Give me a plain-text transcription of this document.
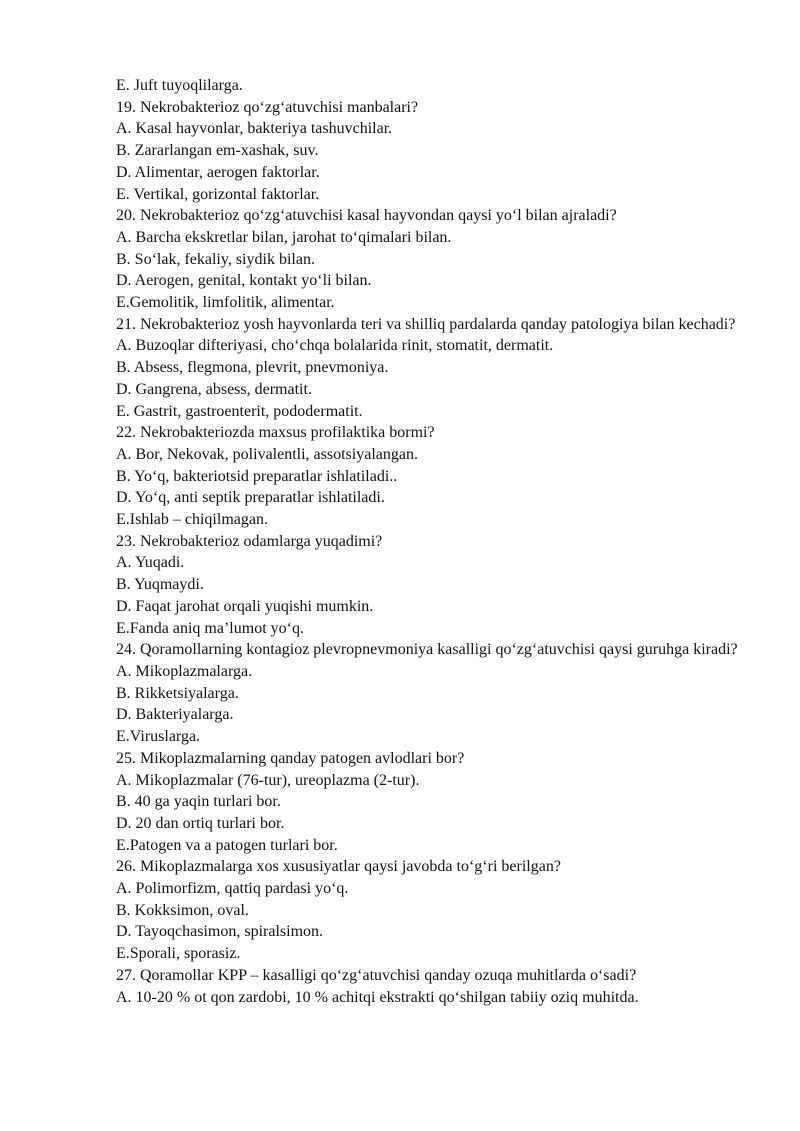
E. Juft tuyoqlilarga.
19. Nekrobakterioz qo‘zg‘atuvchisi manbalari?
A. Kasal hayvonlar, bakteriya tashuvchilar.
B. Zararlangan em-xashak, suv.
D. Alimentar, aerogen faktorlar.
E. Vertikal, gorizontal faktorlar.
20. Nekrobakterioz qo‘zg‘atuvchisi kasal hayvondan qaysi yo‘l bilan ajraladi?
A. Barcha ekskretlar bilan, jarohat to‘qimalari bilan.
B. So‘lak, fekaliy, siydik bilan.
D. Aerogen, genital, kontakt yo‘li bilan.
E.Gemolitik, limfolitik, alimentar.
21. Nekrobakterioz yosh hayvonlarda teri va shilliq pardalarda qanday patologiya bilan kechadi?
A. Buzoqlar difteriyasi, cho‘chqa bolalarida rinit, stomatit, dermatit.
B. Absess, flegmona, plevrit, pnevmoniya.
D. Gangrena, absess, dermatit.
E. Gastrit, gastroenterit, pododermatit.
22. Nekrobakteriozda maxsus profilaktika bormi?
A. Bor, Nekovak, polivalentli, assotsiyalangan.
B. Yo‘q, bakteriotsid preparatlar ishlatiladi..
D. Yo‘q, anti septik preparatlar ishlatiladi.
E.Ishlab – chiqilmagan.
23. Nekrobakterioz odamlarga yuqadimi?
A. Yuqadi.
B. Yuqmaydi.
D. Faqat jarohat orqali yuqishi mumkin.
E.Fanda aniq ma’lumot yo‘q.
24. Qoramollarning kontagioz plevropnevmoniya kasalligi qo‘zg‘atuvchisi qaysi guruhga kiradi?
A. Mikoplazmalarga.
B. Rikketsiyalarga.
D. Bakteriyalarga.
E.Viruslarga.
25. Mikoplazmalarning qanday patogen avlodlari bor?
A. Mikoplazmalar (76-tur), ureoplazma (2-tur).
B. 40 ga yaqin turlari bor.
D. 20 dan ortiq turlari bor.
E.Patogen va a patogen turlari bor.
26. Mikoplazmalarga xos xususiyatlar qaysi javobda to‘g‘ri berilgan?
A. Polimorfizm, qattiq pardasi yo‘q.
B. Kokksimon, oval.
D. Tayoqchasimon, spiralsimon.
E.Sporali, sporasiz.
27. Qoramollar KPP – kasalligi qo‘zg‘atuvchisi qanday ozuqa muhitlarda o‘sadi?
A. 10-20 % ot qon zardobi, 10 % achitqi ekstrakti qo‘shilgan tabiiy oziq muhitda.
